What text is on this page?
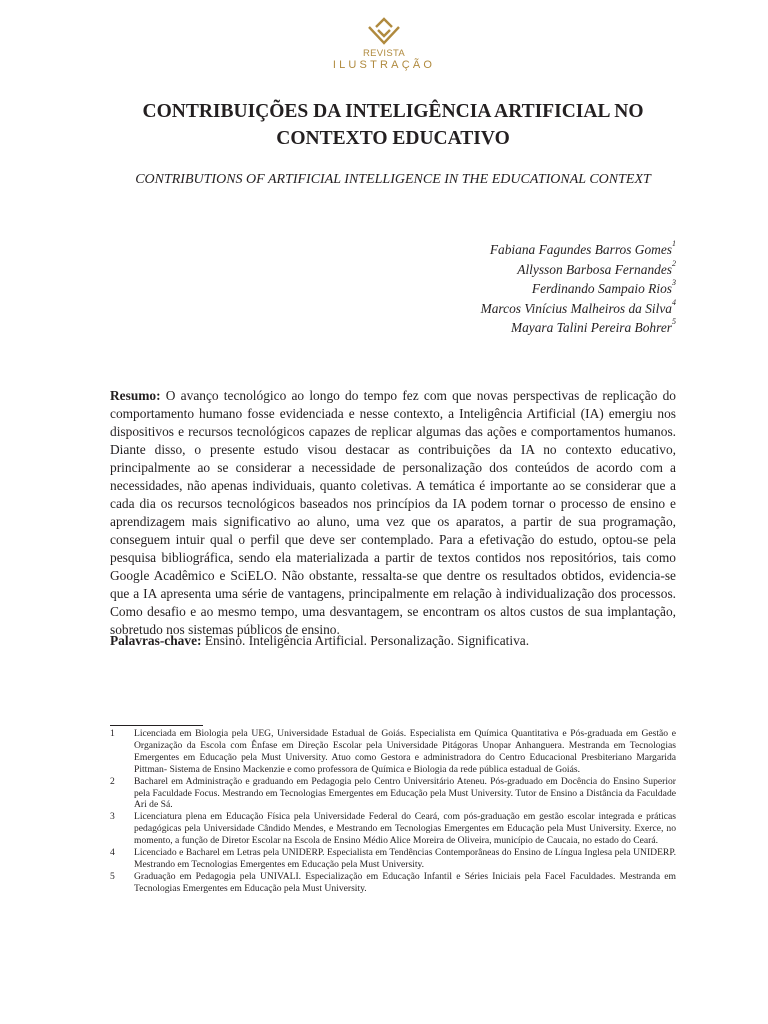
REVISTA
ILUSTRAÇÃO
CONTRIBUIÇÕES DA INTELIGÊNCIA ARTIFICIAL NO CONTEXTO EDUCATIVO

CONTRIBUTIONS OF ARTIFICIAL INTELLIGENCE IN THE EDUCATIONAL CONTEXT

Fabiana Fagundes Barros Gomes$^1$
Allysson Barbosa Fernandes$^2$
Ferdinando Sampaio Rios$^3$
Marcos Vinícius Malheiros da Silva$^4$
Mayara Talini Pereira Bohrer$^5$

Resumo: O avanço tecnológico ao longo do tempo fez com que novas perspectivas de replicação do comportamento humano fosse evidenciada e nesse contexto, a Inteligência Artificial (IA) emergiu nos dispositivos e recursos tecnológicos capazes de replicar algumas das ações e comportamentos humanos. Diante disso, o presente estudo visou destacar as contribuições da IA no contexto educativo, principalmente ao se considerar a necessidade de personalização dos conteúdos de acordo com a necessidades, não apenas individuais, quanto coletivas. A temática é importante ao se considerar que a cada dia os recursos tecnológicos baseados nos princípios da IA podem tornar o processo de ensino e aprendizagem mais significativo ao aluno, uma vez que os aparatos, a partir de sua programação, conseguem intuir qual o perfil que deve ser contemplado. Para a efetivação do estudo, optou-se pela pesquisa bibliográfica, sendo ela materializada a partir de textos contidos nos repositórios, tais como Google Acadêmico e SciELO. Não obstante, ressalta-se que dentre os resultados obtidos, evidencia-se que a IA apresenta uma série de vantagens, principalmente em relação à individualização dos processos. Como desafio e ao mesmo tempo, uma desvantagem, se encontram os altos custos de sua implantação, sobretudo nos sistemas públicos de ensino.

Palavras-chave: Ensino. Inteligência Artificial. Personalização. Significativa.

1	Licenciada em Biologia pela UEG, Universidade Estadual de Goiás. Especialista em Química Quantitativa e Pós-graduada em Gestão e Organização da Escola com Ênfase em Direção Escolar pela Universidade Pitágoras Unopar Anhanguera. Mestranda em Tecnologias Emergentes em Educação pela Must University. Atuo como Gestora e administradora do Centro Educacional Presbiteriano Margarida Pittman- Sistema de Ensino Mackenzie e como professora de Química e Biologia da rede pública estadual de Goiás.
2	Bacharel em Administração e graduando em Pedagogia pelo Centro Universitário Ateneu. Pós-graduado em Docência do Ensino Superior pela Faculdade Focus. Mestrando em Tecnologias Emergentes em Educação pela Must University. Tutor de Ensino a Distância da Faculdade Ari de Sá.
3	Licenciatura plena em Educação Física pela Universidade Federal do Ceará, com pós-graduação em gestão escolar integrada e práticas pedagógicas pela Universidade Cândido Mendes, e Mestrando em Tecnologias Emergentes em Educação pela Must University. Exerce, no momento, a função de Diretor Escolar na Escola de Ensino Médio Alice Moreira de Oliveira, município de Caucaia, no estado do Ceará.
4	Licenciado e Bacharel em Letras pela UNIDERP. Especialista em Tendências Contemporâneas do Ensino de Língua Inglesa pela UNIDERP. Mestrando em Tecnologias Emergentes em Educação pela Must University.
5	Graduação em Pedagogia pela UNIVALI. Especialização em Educação Infantil e Séries Iniciais pela Facel Faculdades. Mestranda em Tecnologias Emergentes em Educação pela Must University.
